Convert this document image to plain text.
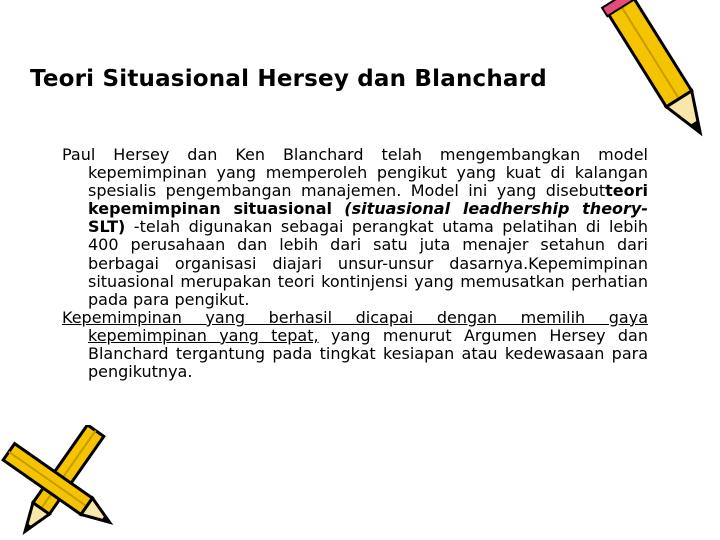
Teori Situasional Hersey dan Blanchard

Paul Hersey dan Ken Blanchard telah mengembangkan model kepemimpinan yang memperoleh pengikut yang kuat di kalangan spesialis pengembangan manajemen. Model ini yang disebutteori kepemimpinan situasional (situasional leadhership theory-SLT) -telah digunakan sebagai perangkat utama pelatihan di lebih 400 perusahaan dan lebih dari satu juta menajer setahun dari berbagai organisasi diajari unsur-unsur dasarnya.Kepemimpinan situasional merupakan teori kontinjensi yang memusatkan perhatian pada para pengikut.

Kepemimpinan yang berhasil dicapai dengan memilih gaya kepemimpinan yang tepat, yang menurut Argumen Hersey dan Blanchard tergantung pada tingkat kesiapan atau kedewasaan para pengikutnya.
